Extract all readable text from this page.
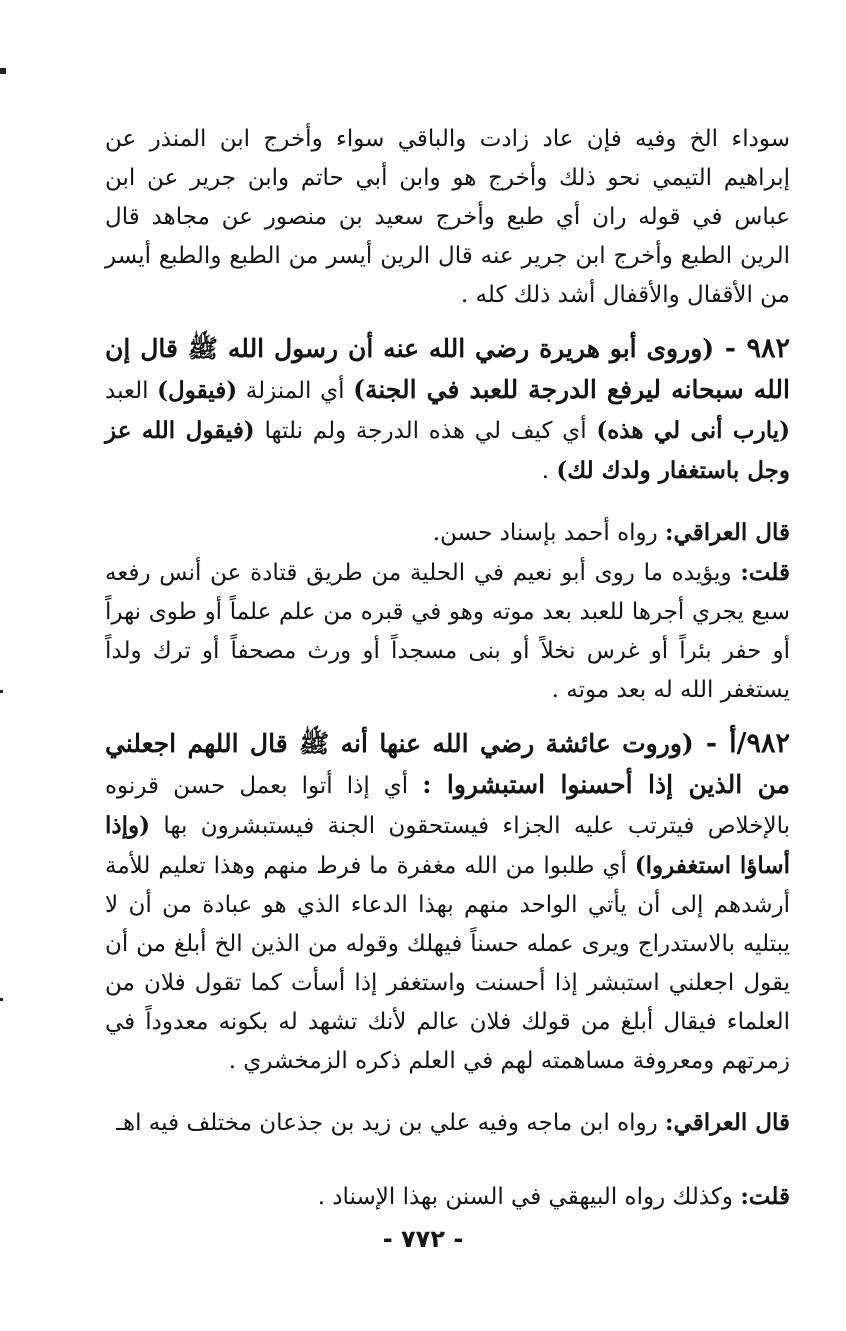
سوداء الخ وفيه فإن عاد زادت والباقي سواء وأخرج ابن المنذر عن إبراهيم التيمي نحو ذلك وأخرج هو وابن أبي حاتم وابن جرير عن ابن عباس في قوله ران أي طبع وأخرج سعيد بن منصور عن مجاهد قال الرين الطبع وأخرج ابن جرير عنه قال الرين أيسر من الطبع والطبع أيسر من الأقفال والأقفال أشد ذلك كله .

٩٨٢ - (وروى أبو هريرة رضي الله عنه أن رسول الله ﷺ قال إن الله سبحانه ليرفع الدرجة للعبد في الجنة) أي المنزلة (فيقول) العبد (يارب أنى لي هذه) أي كيف لي هذه الدرجة ولم نلتها (فيقول الله عز وجل باستغفار ولدك لك) .

قال العراقي: رواه أحمد بإسناد حسن.

قلت: ويؤيده ما روى أبو نعيم في الحلية من طريق قتادة عن أنس رفعه سبع يجري أجرها للعبد بعد موته وهو في قبره من علم علماً أو طوى نهراً أو حفر بئراً أو غرس نخلاً أو بنى مسجداً أو ورث مصحفاً أو ترك ولداً يستغفر الله له بعد موته .

٩٨٢/أ - (وروت عائشة رضي الله عنها أنه ﷺ قال اللهم اجعلني من الذين إذا أحسنوا استبشروا : أي إذا أتوا بعمل حسن قرنوه بالإخلاص فيترتب عليه الجزاء فيستحقون الجنة فيستبشرون بها (وإذا أساؤا استغفروا) أي طلبوا من الله مغفرة ما فرط منهم وهذا تعليم للأمة أرشدهم إلى أن يأتي الواحد منهم بهذا الدعاء الذي هو عبادة من أن لا يبتليه بالاستدراج ويرى عمله حسناً فيهلك وقوله من الذين الخ أبلغ من أن يقول اجعلني استبشر إذا أحسنت واستغفر إذا أسأت كما تقول فلان من العلماء فيقال أبلغ من قولك فلان عالم لأنك تشهد له بكونه معدوداً في زمرتهم ومعروفة مساهمته لهم في العلم ذكره الزمخشري .

قال العراقي: رواه ابن ماجه وفيه علي بن زيد بن جذعان مختلف فيه اهـ

قلت: وكذلك رواه البيهقي في السنن بهذا الإسناد .

- ٧٧٢ -
